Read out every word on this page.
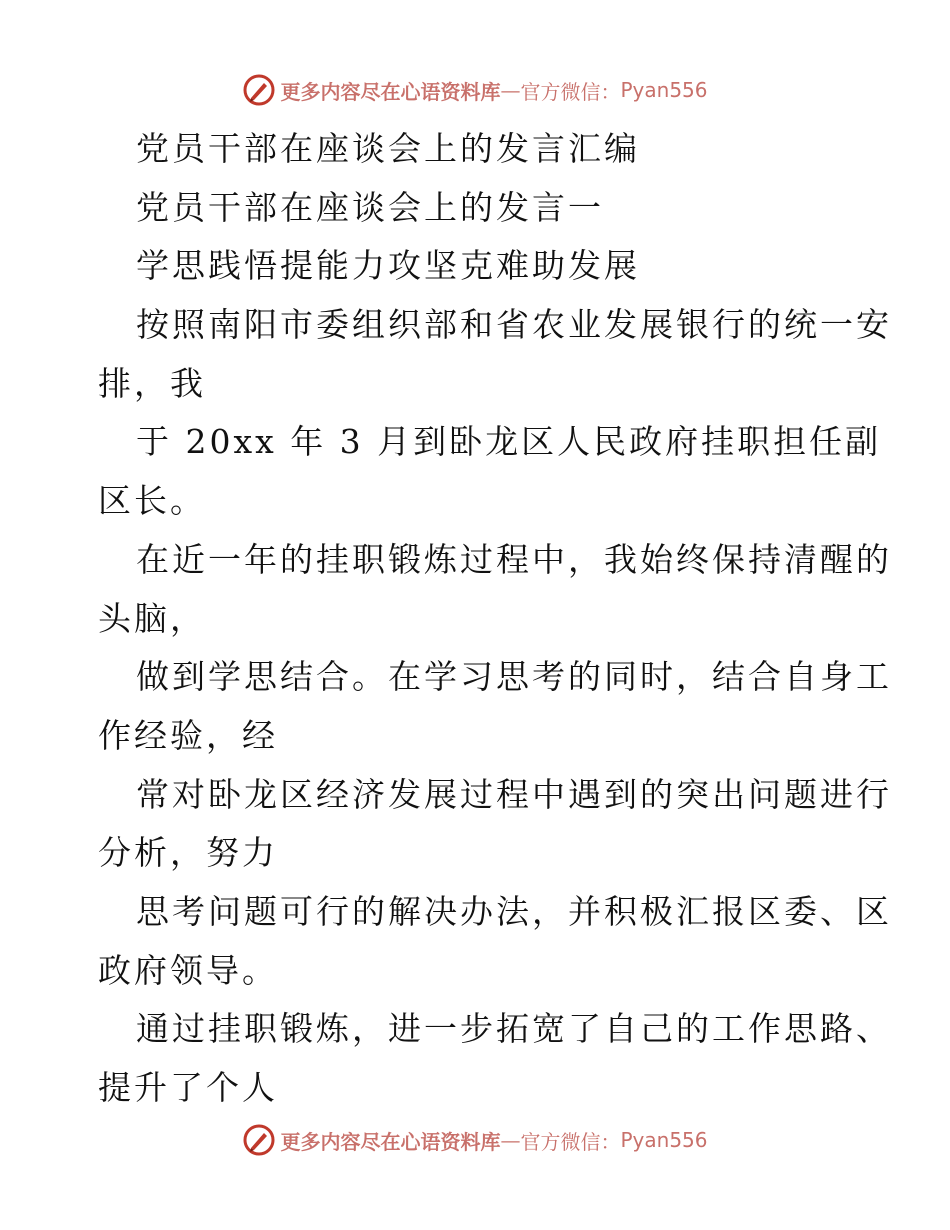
更多内容尽在心语资料库 — 官方微信： Pyan556
党员干部在座谈会上的发言汇编
党员干部在座谈会上的发言一
学思践悟提能力攻坚克难助发展
按照南阳市委组织部和省农业发展银行的统一安
排，我
于 20xx 年 3 月到卧龙区人民政府挂职担任副
区长。
在近一年的挂职锻炼过程中，我始终保持清醒的
头脑，
做到学思结合。在学习思考的同时，结合自身工
作经验，经
常对卧龙区经济发展过程中遇到的突出问题进行
分析，努力
思考问题可行的解决办法，并积极汇报区委、区
政府领导。
通过挂职锻炼，进一步拓宽了自己的工作思路、
提升了个人
更多内容尽在心语资料库 — 官方微信： Pyan556
